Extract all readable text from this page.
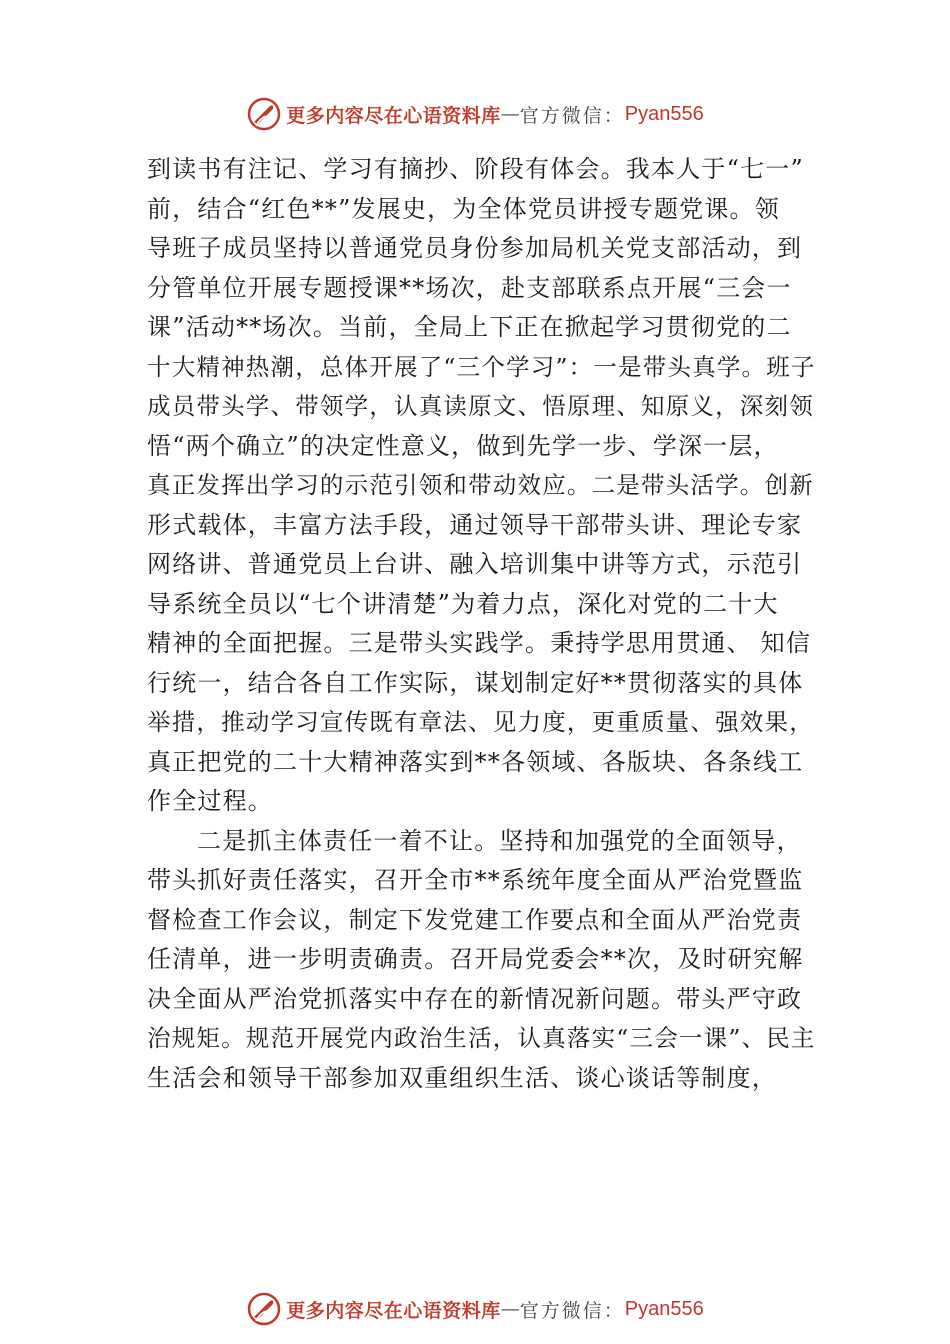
更多内容尽在心语资料库 — 官方微信： Pyan556
到读书有注记、学习有摘抄、阶段有体会。我本人于“七一”
前，结合“红色**”发展史，为全体党员讲授专题党课。领
导班子成员坚持以普通党员身份参加局机关党支部活动，到
分管单位开展专题授课**场次，赴支部联系点开展“三会一
课”活动**场次。当前，全局上下正在掀起学习贯彻党的二
十大精神热潮，总体开展了“三个学习”：一是带头真学。班子
成员带头学、带领学，认真读原文、悟原理、知原义，深刻领
悟“两个确立”的决定性意义，做到先学一步、学深一层，
真正发挥出学习的示范引领和带动效应。二是带头活学。创新
形式载体，丰富方法手段，通过领导干部带头讲、理论专家
网络讲、普通党员上台讲、融入培训集中讲等方式，示范引
导系统全员以“七个讲清楚”为着力点，深化对党的二十大
精神的全面把握。三是带头实践学。秉持学思用贯通、 知信
行统一，结合各自工作实际，谋划制定好**贯彻落实的具体
举措，推动学习宣传既有章法、见力度，更重质量、强效果，
真正把党的二十大精神落实到**各领域、各版块、各条线工
作全过程。
二是抓主体责任一着不让。坚持和加强党的全面领导，
带头抓好责任落实，召开全市**系统年度全面从严治党暨监
督检查工作会议，制定下发党建工作要点和全面从严治党责
任清单，进一步明责确责。召开局党委会**次，及时研究解
决全面从严治党抓落实中存在的新情况新问题。带头严守政
治规矩。规范开展党内政治生活，认真落实“三会一课”、民主
生活会和领导干部参加双重组织生活、谈心谈话等制度，
更多内容尽在心语资料库 — 官方微信： Pyan556
